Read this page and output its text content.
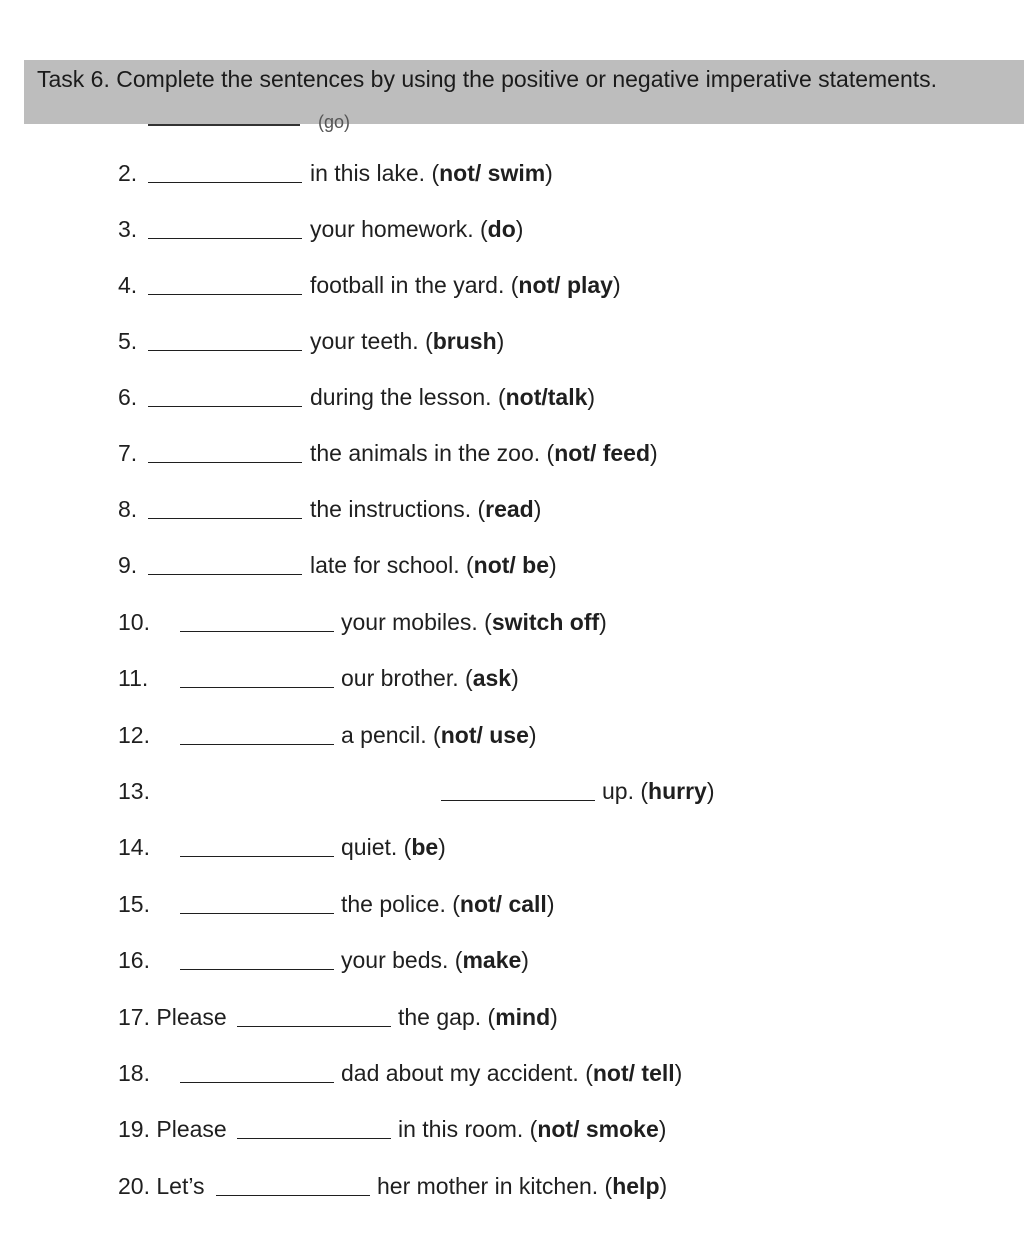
Task 6. Complete the sentences by using the positive or negative imperative statements.
(go)
2.	in this lake. (not/ swim)
3.	your homework. (do)
4.	football in the yard. (not/ play)
5.	your teeth. (brush)
6.	during the lesson. (not/talk)
7.	the animals in the zoo. (not/ feed)
8.	the instructions. (read)
9.	late for school. (not/ be)
10.	your mobiles. (switch off)
11.	our brother. (ask)
12.	a pencil. (not/ use)
13.	up. (hurry)
14.	quiet. (be)
15.	the police. (not/ call)
16.	your beds. (make)
17. Please	the gap. (mind)
18.	dad about my accident. (not/ tell)
19. Please	in this room. (not/ smoke)
20. Let’s	her mother in kitchen. (help)
